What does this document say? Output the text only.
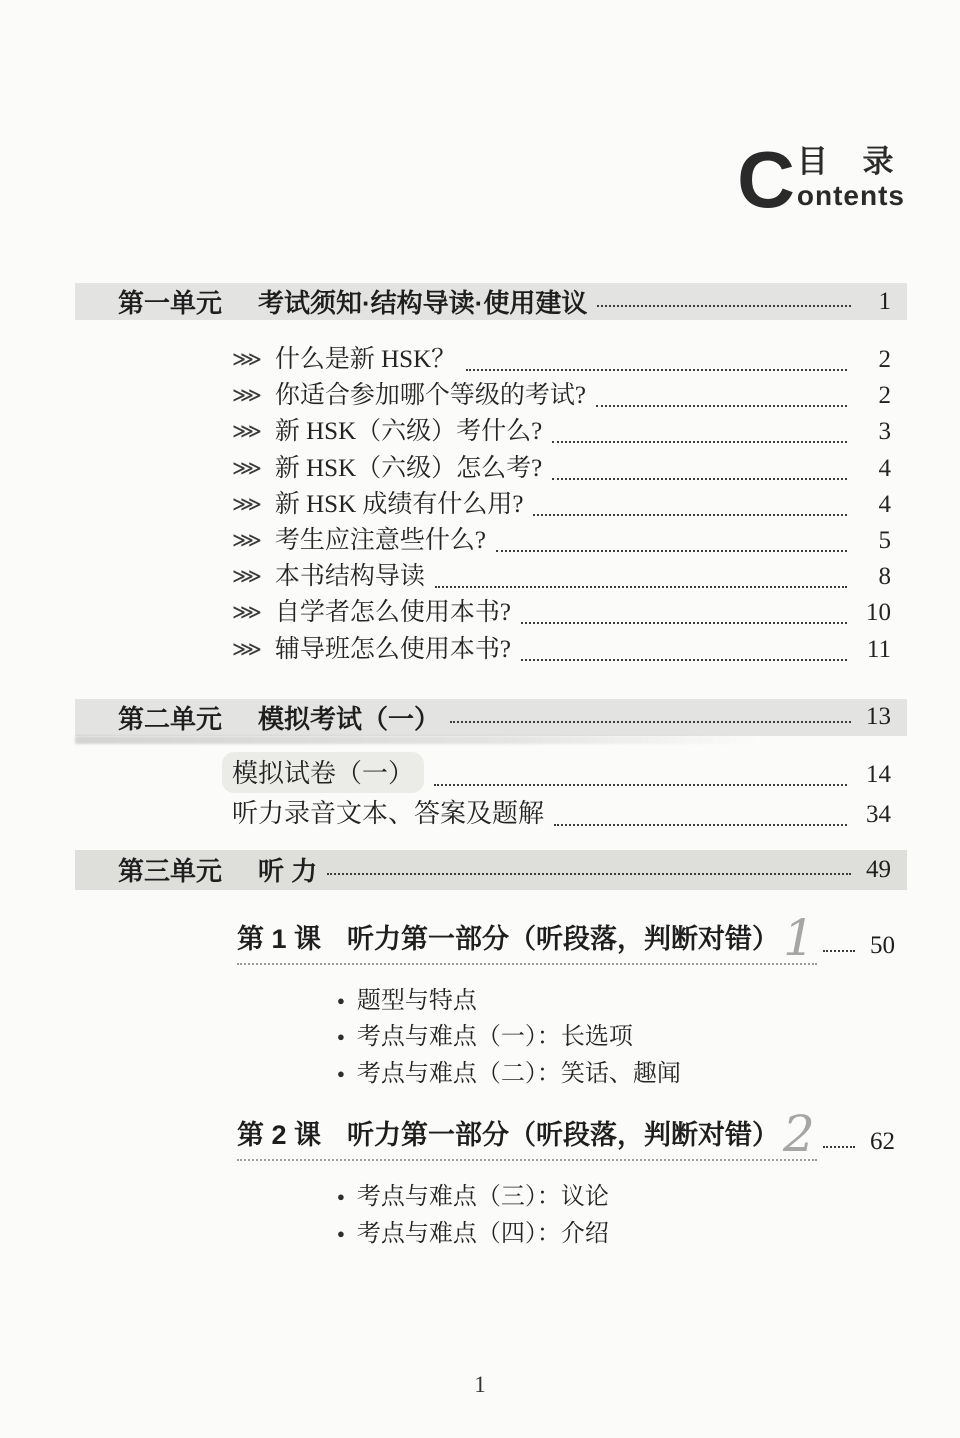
C 目 录
ontents
第一单元 考试须知·结构导读·使用建议	1
⋙ 什么是新 HSK？	2
⋙ 你适合参加哪个等级的考试?	2
⋙ 新 HSK（六级）考什么?	3
⋙ 新 HSK（六级）怎么考?	4
⋙ 新 HSK 成绩有什么用?	4
⋙ 考生应注意些什么?	5
⋙ 本书结构导读	8
⋙ 自学者怎么使用本书?	10
⋙ 辅导班怎么使用本书?	11
第二单元 模拟考试（一）	13
模拟试卷（一）	14
听力录音文本、答案及题解	34
第三单元 听 力	49
第 1 课 听力第一部分（听段落，判断对错） 1	50
● 题型与特点
● 考点与难点（一）：长选项
● 考点与难点（二）：笑话、趣闻
第 2 课 听力第一部分（听段落，判断对错） 2	62
● 考点与难点（三）：议论
● 考点与难点（四）：介绍
1
